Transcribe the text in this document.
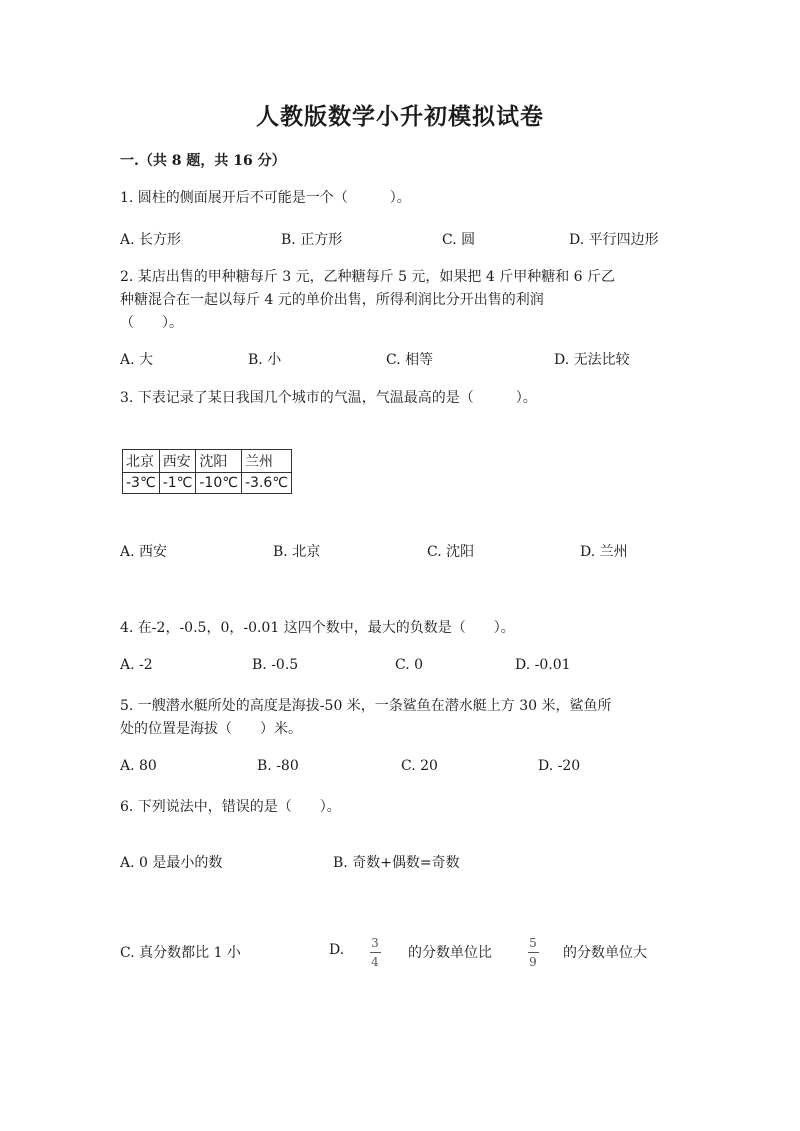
人教版数学小升初模拟试卷
一.（共 8 题，共 16 分）
1. 圆柱的侧面展开后不可能是一个（　　　）。
A. 长方形	B. 正方形	C. 圆	D. 平行四边形
2. 某店出售的甲种糖每斤 3 元，乙种糖每斤 5 元，如果把 4 斤甲种糖和 6 斤乙
种糖混合在一起以每斤 4 元的单价出售，所得利润比分开出售的利润
（　　）。
A. 大	B. 小	C. 相等	D. 无法比较
3. 下表记录了某日我国几个城市的气温，气温最高的是（　　　）。
北京	西安	沈阳	兰州
-3℃	-1℃	-10℃	-3.6℃
A. 西安	B. 北京	C. 沈阳	D. 兰州
4. 在-2，-0.5，0，-0.01 这四个数中，最大的负数是（　　）。
A. -2	B. -0.5	C. 0	D. -0.01
5. 一艘潜水艇所处的高度是海拔-50 米，一条鲨鱼在潜水艇上方 30 米，鲨鱼所
处的位置是海拔（　　）米。
A. 80	B. -80	C. 20	D. -20
6. 下列说法中，错误的是（　　）。
A. 0 是最小的数	B. 奇数+偶数=奇数
C. 真分数都比 1 小	D. 3
4
的分数单位比
5
9
的分数单位大
